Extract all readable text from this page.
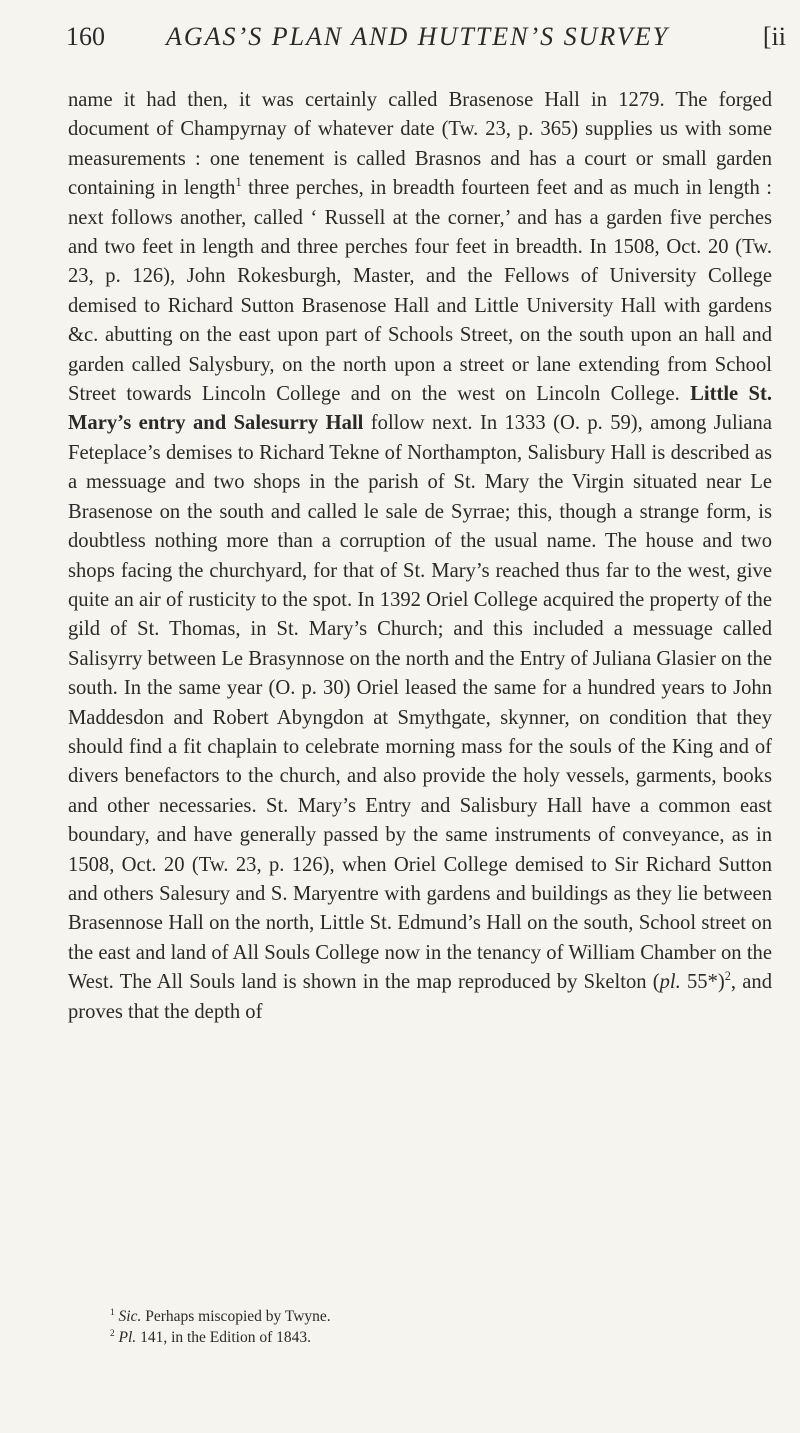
160 AGAS’S PLAN AND HUTTEN’S SURVEY	[ii

name it had then, it was certainly called Brasenose Hall in 1279. The forged document of Champyrnay of whatever date (Tw. 23, p. 365) supplies us with some measurements : one tenement is called Brasnos and has a court or small garden containing in length$^1$ three perches, in breadth fourteen feet and as much in length : next follows another, called ‘ Russell at the corner,’ and has a garden five perches and two feet in length and three perches four feet in breadth. In 1508, Oct. 20 (Tw. 23, p. 126), John Rokesburgh, Master, and the Fellows of University College demised to Richard Sutton Brasenose Hall and Little University Hall with gardens &c. abutting on the east upon part of Schools Street, on the south upon an hall and garden called Salysbury, on the north upon a street or lane extending from School Street towards Lincoln College and on the west on Lincoln College. Little St. Mary’s entry and Salesurry Hall follow next. In 1333 (O. p. 59), among Juliana Feteplace’s demises to Richard Tekne of Northampton, Salisbury Hall is described as a messuage and two shops in the parish of St. Mary the Virgin situated near Le Brasenose on the south and called le sale de Syrrae; this, though a strange form, is doubtless nothing more than a corruption of the usual name. The house and two shops facing the churchyard, for that of St. Mary’s reached thus far to the west, give quite an air of rusticity to the spot. In 1392 Oriel College acquired the property of the gild of St. Thomas, in St. Mary’s Church; and this included a messuage called Salisyrry between Le Brasynnose on the north and the Entry of Juliana Glasier on the south. In the same year (O. p. 30) Oriel leased the same for a hundred years to John Maddesdon and Robert Abyngdon at Smythgate, skynner, on condition that they should find a fit chaplain to celebrate morning mass for the souls of the King and of divers benefactors to the church, and also provide the holy vessels, garments, books and other necessaries. St. Mary’s Entry and Salisbury Hall have a common east boundary, and have generally passed by the same instruments of conveyance, as in 1508, Oct. 20 (Tw. 23, p. 126), when Oriel College demised to Sir Richard Sutton and others Salesury and S. Maryentre with gardens and buildings as they lie between Brasennose Hall on the north, Little St. Edmund’s Hall on the south, School street on the east and land of All Souls College now in the tenancy of William Chamber on the West. The All Souls land is shown in the map reproduced by Skelton (pl. 55*)$^2$, and proves that the depth of

$^1$ Sic. Perhaps miscopied by Twyne.
$^2$ Pl. 141, in the Edition of 1843.
